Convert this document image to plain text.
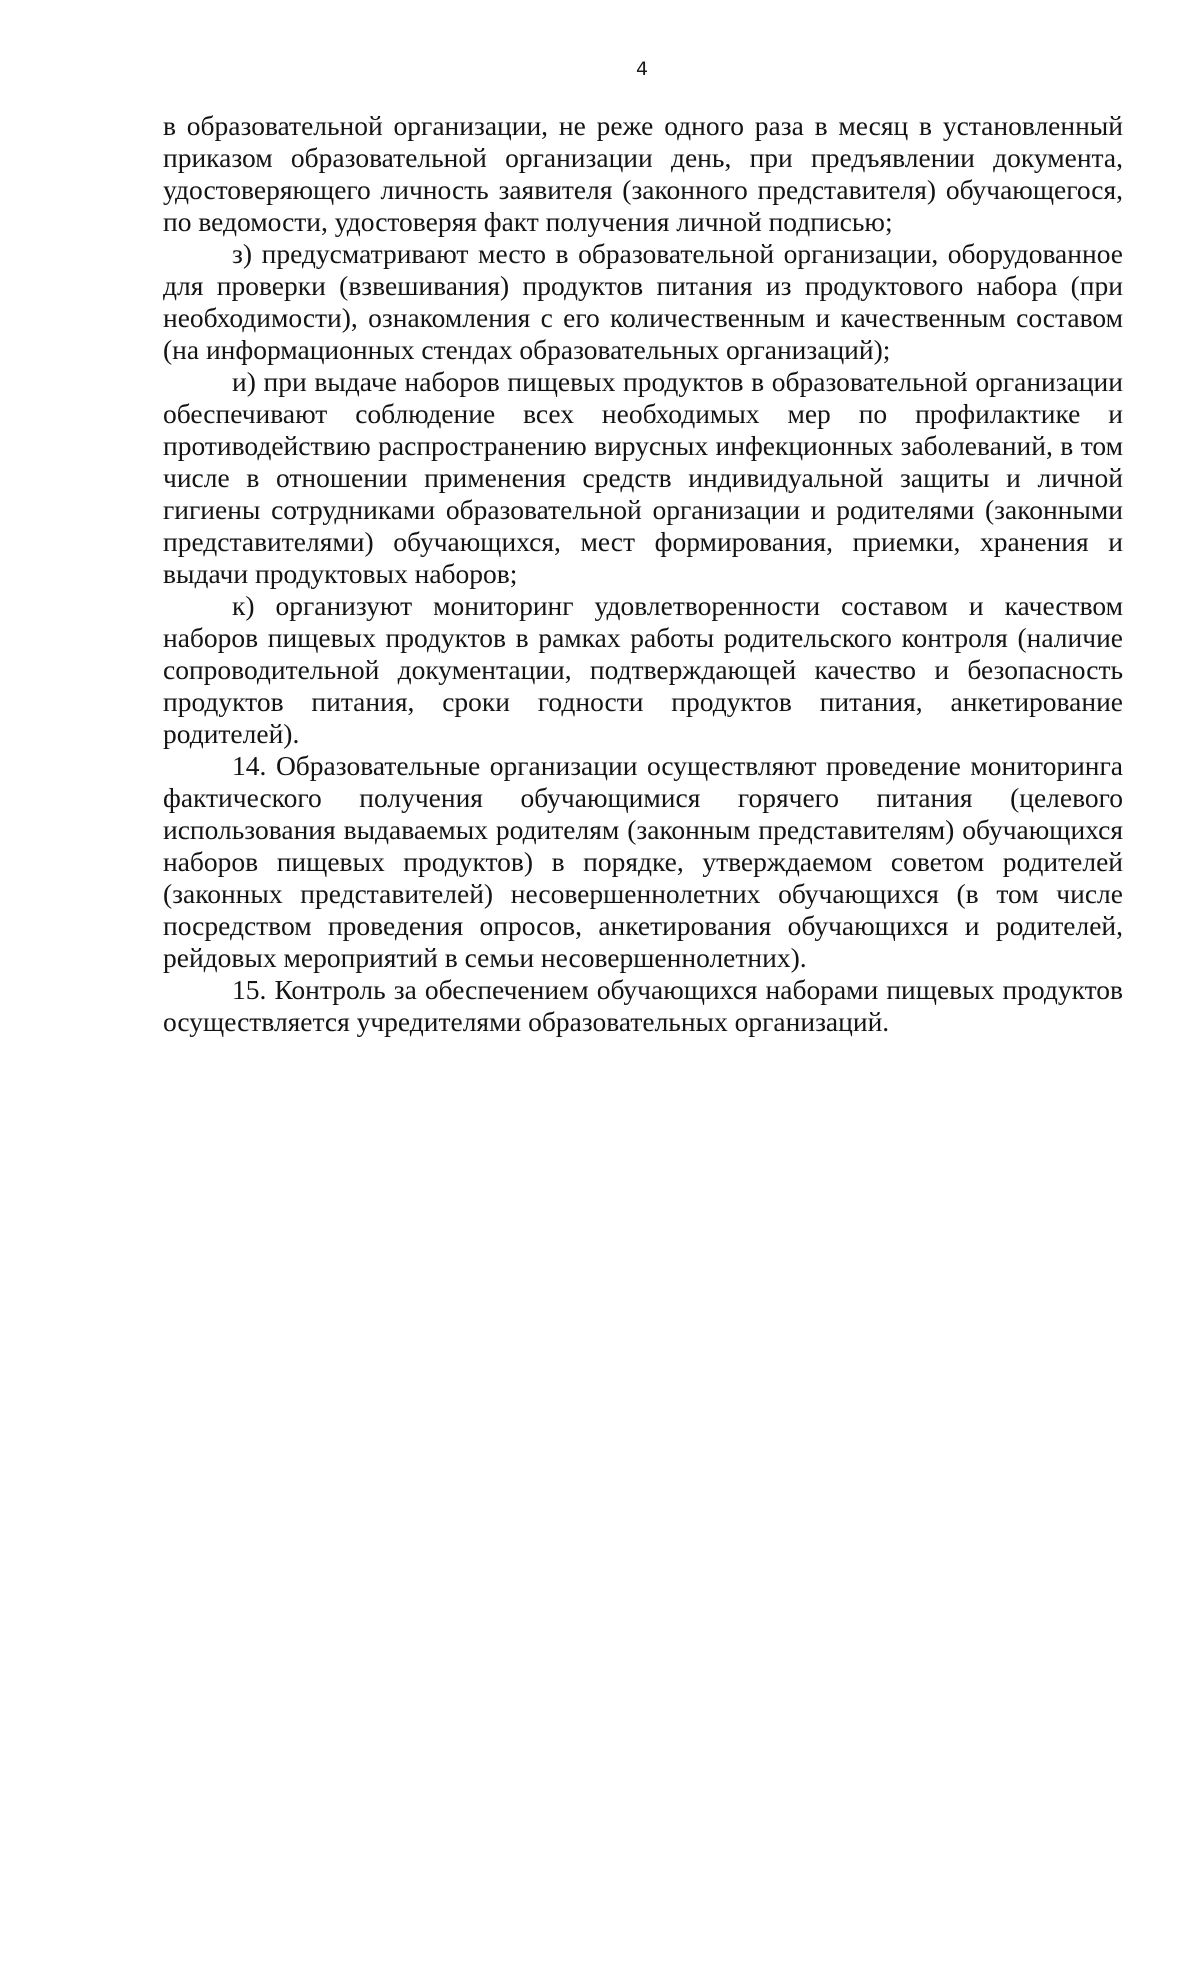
4

в образовательной организации, не реже одного раза в месяц в установленный приказом образовательной организации день, при предъявлении документа, удостоверяющего личность заявителя (законного представителя) обучающегося, по ведомости, удостоверяя факт получения личной подписью;

з) предусматривают место в образовательной организации, оборудованное для проверки (взвешивания) продуктов питания из продуктового набора (при необходимости), ознакомления с его количественным и качественным составом (на информационных стендах образовательных организаций);

и) при выдаче наборов пищевых продуктов в образовательной организации обеспечивают соблюдение всех необходимых мер по профилактике и противодействию распространению вирусных инфекционных заболеваний, в том числе в отношении применения средств индивидуальной защиты и личной гигиены сотрудниками образовательной организации и родителями (законными представителями) обучающихся, мест формирования, приемки, хранения и выдачи продуктовых наборов;

к) организуют мониторинг удовлетворенности составом и качеством наборов пищевых продуктов в рамках работы родительского контроля (наличие сопроводительной документации, подтверждающей качество и безопасность продуктов питания, сроки годности продуктов питания, анкетирование родителей).

14. Образовательные организации осуществляют проведение мониторинга фактического получения обучающимися горячего питания (целевого использования выдаваемых родителям (законным представителям) обучающихся наборов пищевых продуктов) в порядке, утверждаемом советом родителей (законных представителей) несовершеннолетних обучающихся (в том числе посредством проведения опросов, анкетирования обучающихся и родителей, рейдовых мероприятий в семьи несовершеннолетних).

15. Контроль за обеспечением обучающихся наборами пищевых продуктов осуществляется учредителями образовательных организаций.
